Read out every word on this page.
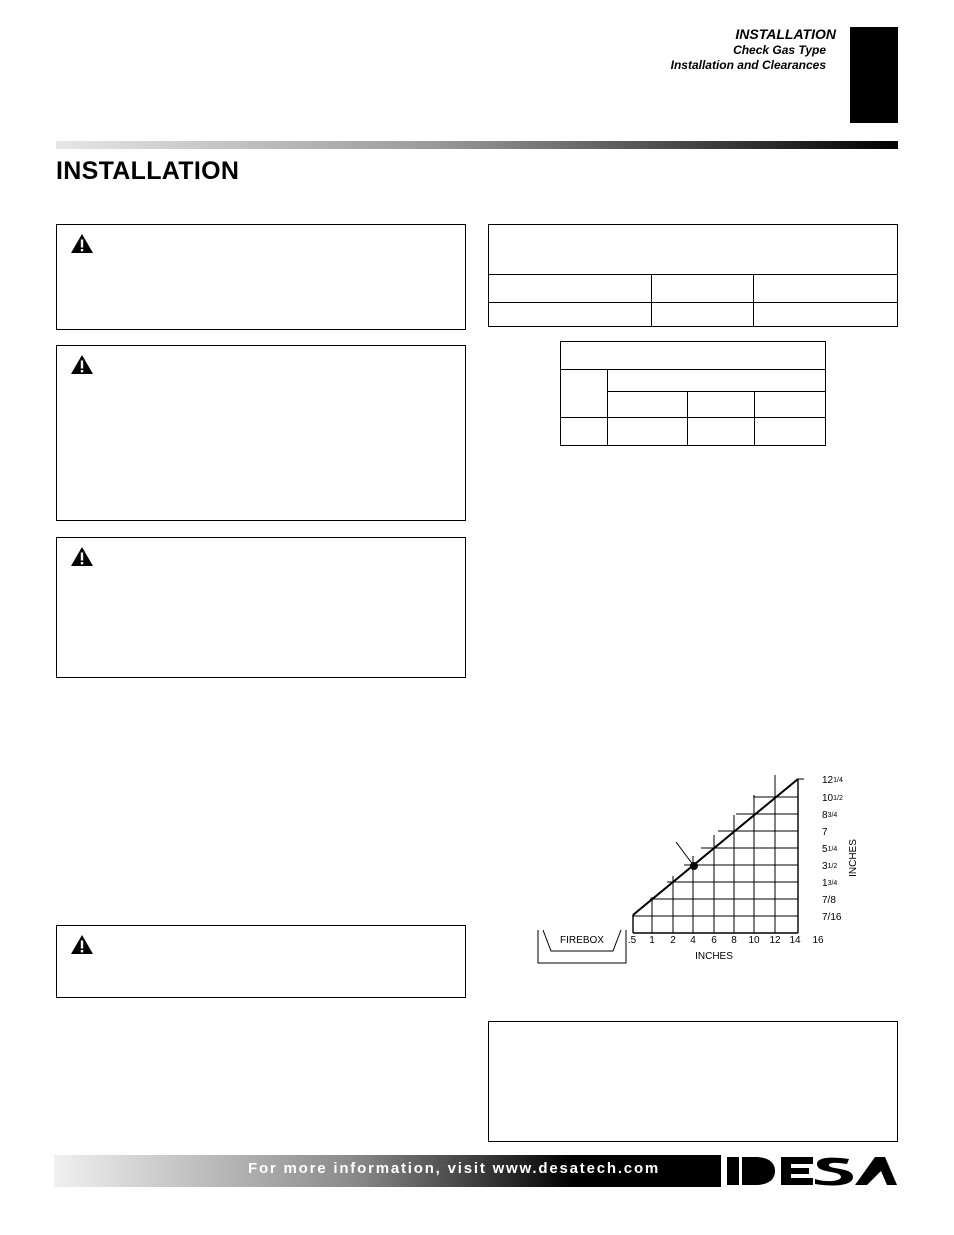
INSTALLATION
Check Gas Type
Installation and Clearances
INSTALLATION

FIREBOX .5 1 2 4 6 8 10 12 14 16
121/4
101/2
83/4
7
51/4
31/2
13/4
7/8
7/16
INCHES
INCHES
For more information, visit www.desatech.com
